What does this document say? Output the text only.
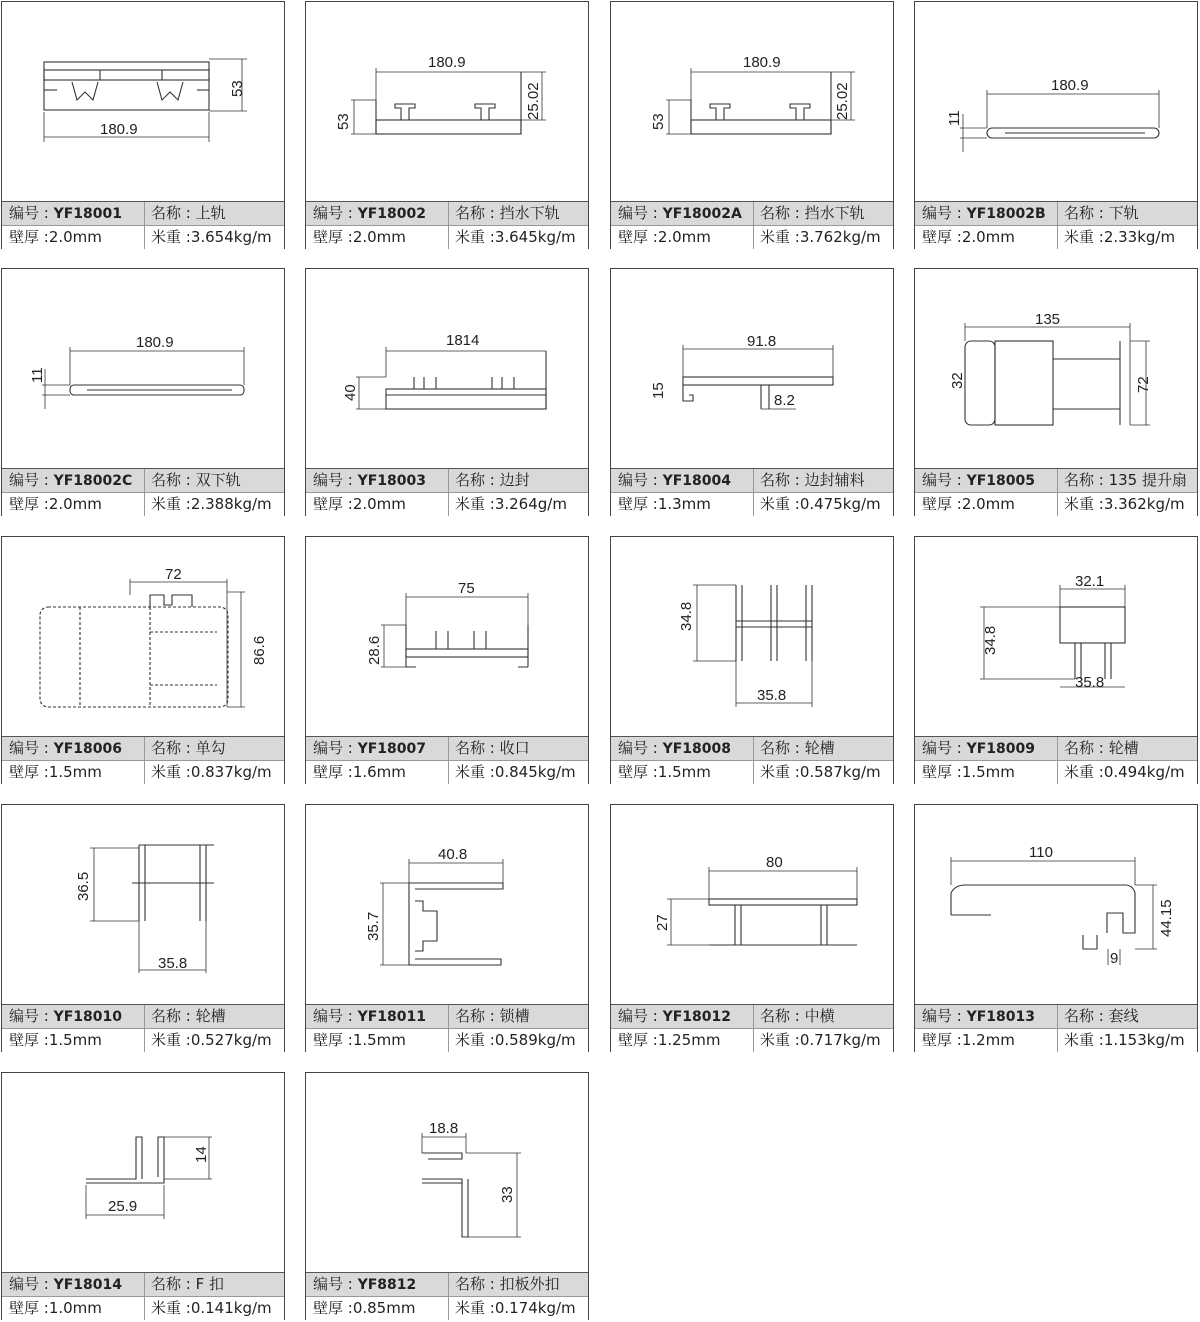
180.9
53
编号 : YF18001	名称 : 上轨
壁厚 :2.0mm	米重 :3.654kg/m
180.9
53
25.02
编号 : YF18002	名称 : 挡水下轨
壁厚 :2.0mm	米重 :3.645kg/m
180.9
53
25.02
编号 : YF18002A	名称 : 挡水下轨
壁厚 :2.0mm	米重 :3.762kg/m
180.9
11
编号 : YF18002B	名称 : 下轨
壁厚 :2.0mm	米重 :2.33kg/m
180.9
11
编号 : YF18002C	名称 : 双下轨
壁厚 :2.0mm	米重 :2.388kg/m
1814
40
编号 : YF18003	名称 : 边封
壁厚 :2.0mm	米重 :3.264g/m
91.8
15
8.2
编号 : YF18004	名称 : 边封辅料
壁厚 :1.3mm	米重 :0.475kg/m
135
32	72
编号 : YF18005	名称 : 135 提升扇
壁厚 :2.0mm	米重 :3.362kg/m
72
86.6
编号 : YF18006	名称 : 单勾
壁厚 :1.5mm	米重 :0.837kg/m
75
28.6
编号 : YF18007	名称 : 收口
壁厚 :1.6mm	米重 :0.845kg/m
34.8
35.8
编号 : YF18008	名称 : 轮槽
壁厚 :1.5mm	米重 :0.587kg/m
32.1
34.8
35.8
编号 : YF18009	名称 : 轮槽
壁厚 :1.5mm	米重 :0.494kg/m
36.5
35.8
编号 : YF18010	名称 : 轮槽
壁厚 :1.5mm	米重 :0.527kg/m
40.8
35.7
编号 : YF18011	名称 : 锁槽
壁厚 :1.5mm	米重 :0.589kg/m
80
27
编号 : YF18012	名称 : 中横
壁厚 :1.25mm	米重 :0.717kg/m
110
44.15
9
编号 : YF18013	名称 : 套线
壁厚 :1.2mm	米重 :1.153kg/m
14
25.9
编号 : YF18014	名称 : F 扣
壁厚 :1.0mm	米重 :0.141kg/m
18.8
33
编号 : YF8812	名称 : 扣板外扣
壁厚 :0.85mm	米重 :0.174kg/m
